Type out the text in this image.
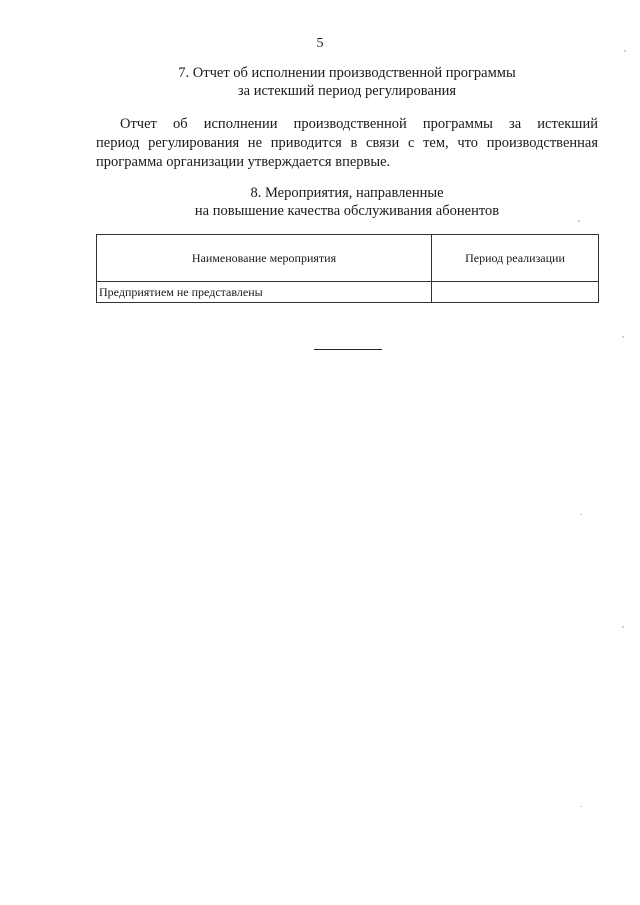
5
7. Отчет об исполнении производственной программы
за истекший период регулирования
Отчет об исполнении производственной программы за истекший
период регулирования не приводится в связи с тем, что производственная
программа организации утверждается впервые.
8. Мероприятия, направленные
на повышение качества обслуживания абонентов
Наименование мероприятия	Период реализации
Предприятием не представлены	
,
,
,
.
,
.
